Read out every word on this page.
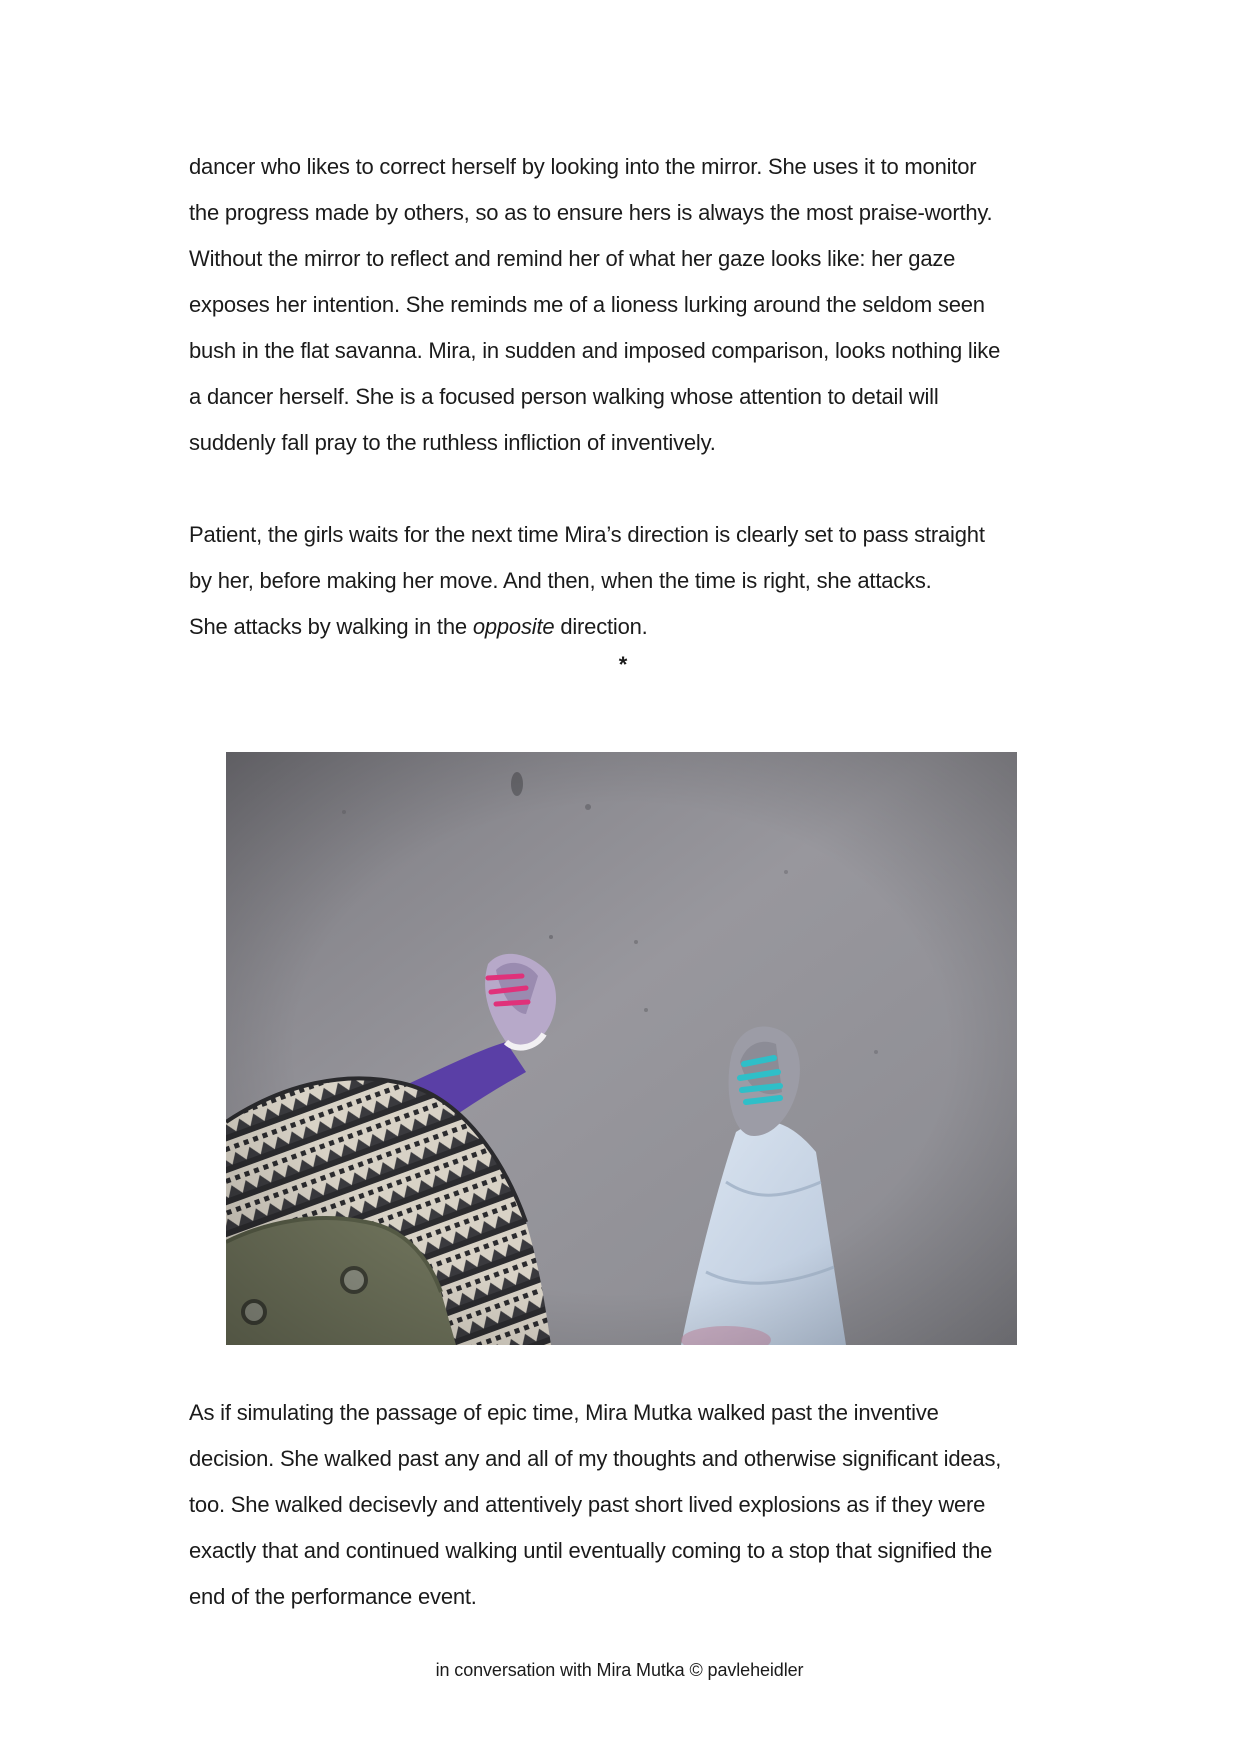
dancer who likes to correct herself by looking into the mirror. She uses it to monitor
the progress made by others, so as to ensure hers is always the most praise-worthy.
Without the mirror to reflect and remind her of what her gaze looks like: her gaze
exposes her intention. She reminds me of a lioness lurking around the seldom seen
bush in the flat savanna. Mira, in sudden and imposed comparison, looks nothing like
a dancer herself. She is a focused person walking whose attention to detail will
suddenly fall pray to the ruthless infliction of inventively.

Patient, the girls waits for the next time Mira’s direction is clearly set to pass straight
by her, before making her move. And then, when the time is right, she attacks.
She attacks by walking in the opposite direction.

*

As if simulating the passage of epic time, Mira Mutka walked past the inventive
decision. She walked past any and all of my thoughts and otherwise significant ideas,
too. She walked decisevly and attentively past short lived explosions as if they were
exactly that and continued walking until eventually coming to a stop that signified the
end of the performance event.

in conversation with Mira Mutka © pavleheidler
